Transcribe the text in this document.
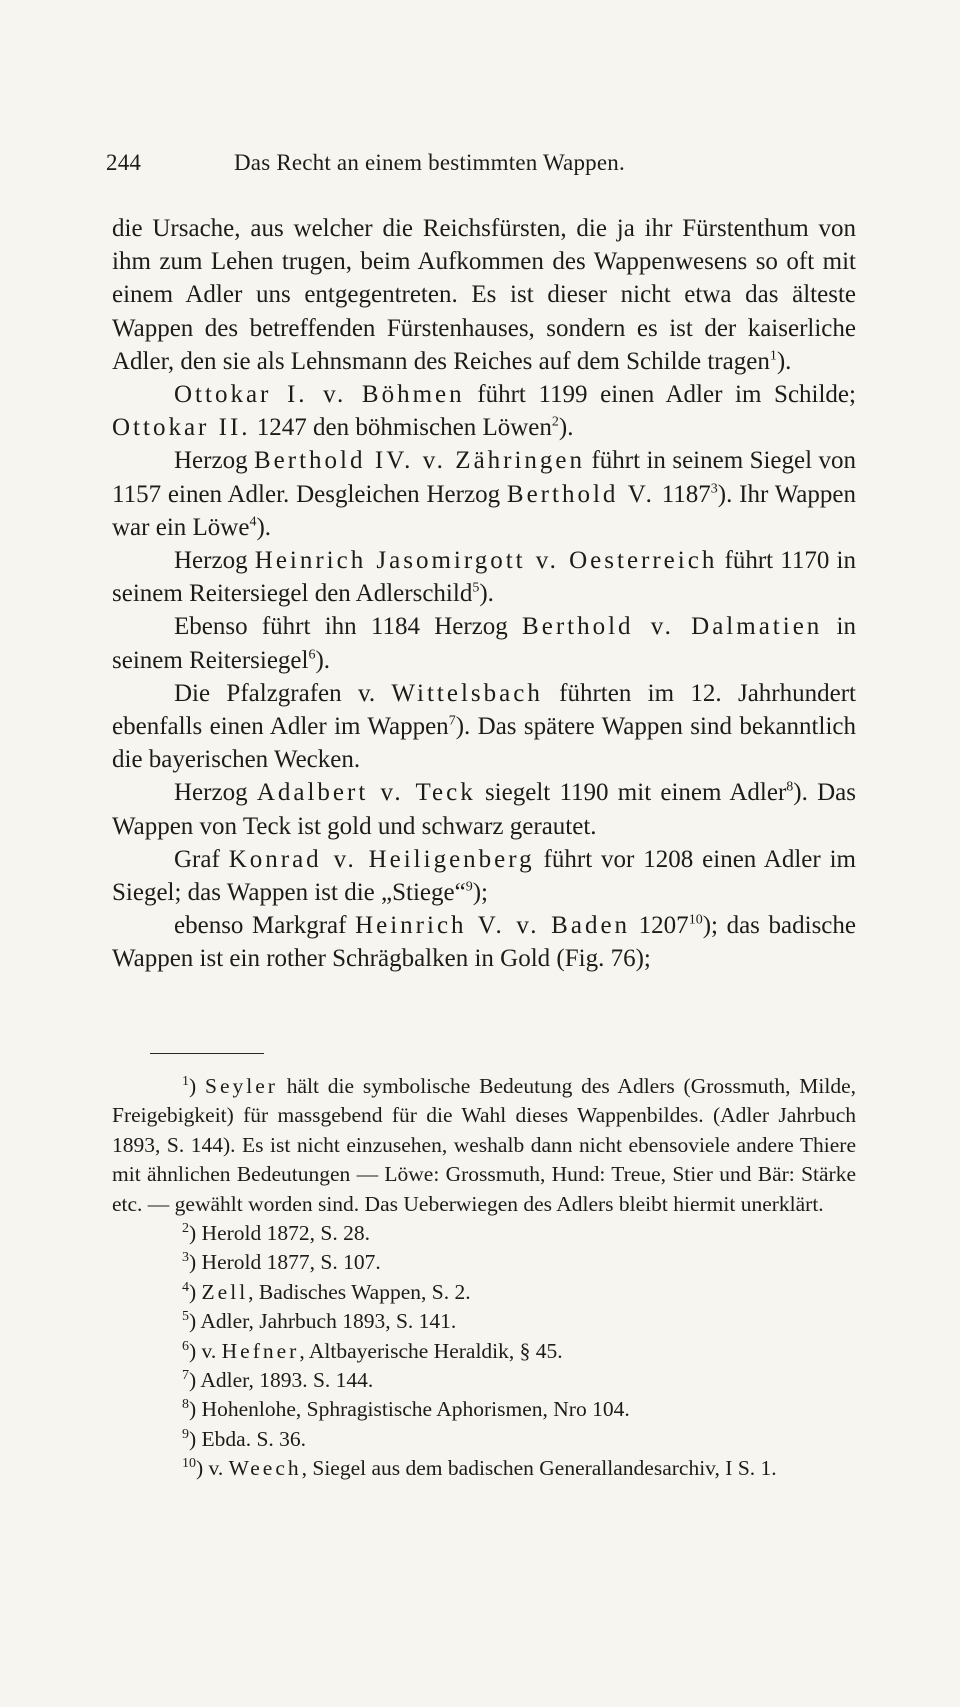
244	Das Recht an einem bestimmten Wappen.

die Ursache, aus welcher die Reichsfürsten, die ja ihr Fürstenthum von ihm zum Lehen trugen, beim Aufkommen des Wappenwesens so oft mit einem Adler uns entgegentreten. Es ist dieser nicht etwa das älteste Wappen des betreffenden Fürstenhauses, sondern es ist der kaiserliche Adler, den sie als Lehnsmann des Reiches auf dem Schilde tragen$^1$).

Ottokar I. v. Böhmen führt 1199 einen Adler im Schilde; Ottokar II. 1247 den böhmischen Löwen$^2$).

Herzog Berthold IV. v. Zähringen führt in seinem Siegel von 1157 einen Adler. Desgleichen Herzog Berthold V. 1187$^3$). Ihr Wappen war ein Löwe$^4$).

Herzog Heinrich Jasomirgott v. Oesterreich führt 1170 in seinem Reitersiegel den Adlerschild$^5$).

Ebenso führt ihn 1184 Herzog Berthold v. Dalmatien in seinem Reitersiegel$^6$).

Die Pfalzgrafen v. Wittelsbach führten im 12. Jahrhundert ebenfalls einen Adler im Wappen$^7$). Das spätere Wappen sind bekanntlich die bayerischen Wecken.

Herzog Adalbert v. Teck siegelt 1190 mit einem Adler$^8$). Das Wappen von Teck ist gold und schwarz gerautet.

Graf Konrad v. Heiligenberg führt vor 1208 einen Adler im Siegel; das Wappen ist die „Stiege“$^9$);

ebenso Markgraf Heinrich V. v. Baden 1207$^{10}$); das badische Wappen ist ein rother Schrägbalken in Gold (Fig. 76);

$^1$) Seyler hält die symbolische Bedeutung des Adlers (Grossmuth, Milde, Freigebigkeit) für massgebend für die Wahl dieses Wappenbildes. (Adler Jahrbuch 1893, S. 144). Es ist nicht einzusehen, weshalb dann nicht ebensoviele andere Thiere mit ähnlichen Bedeutungen — Löwe: Grossmuth, Hund: Treue, Stier und Bär: Stärke etc. — gewählt worden sind. Das Ueberwiegen des Adlers bleibt hiermit unerklärt.

$^2$) Herold 1872, S. 28.

$^3$) Herold 1877, S. 107.

$^4$) Zell, Badisches Wappen, S. 2.

$^5$) Adler, Jahrbuch 1893, S. 141.

$^6$) v. Hefner, Altbayerische Heraldik, § 45.

$^7$) Adler, 1893. S. 144.

$^8$) Hohenlohe, Sphragistische Aphorismen, Nro 104.

$^9$) Ebda. S. 36.

$^{10}$) v. Weech, Siegel aus dem badischen Generallandesarchiv, I S. 1.
